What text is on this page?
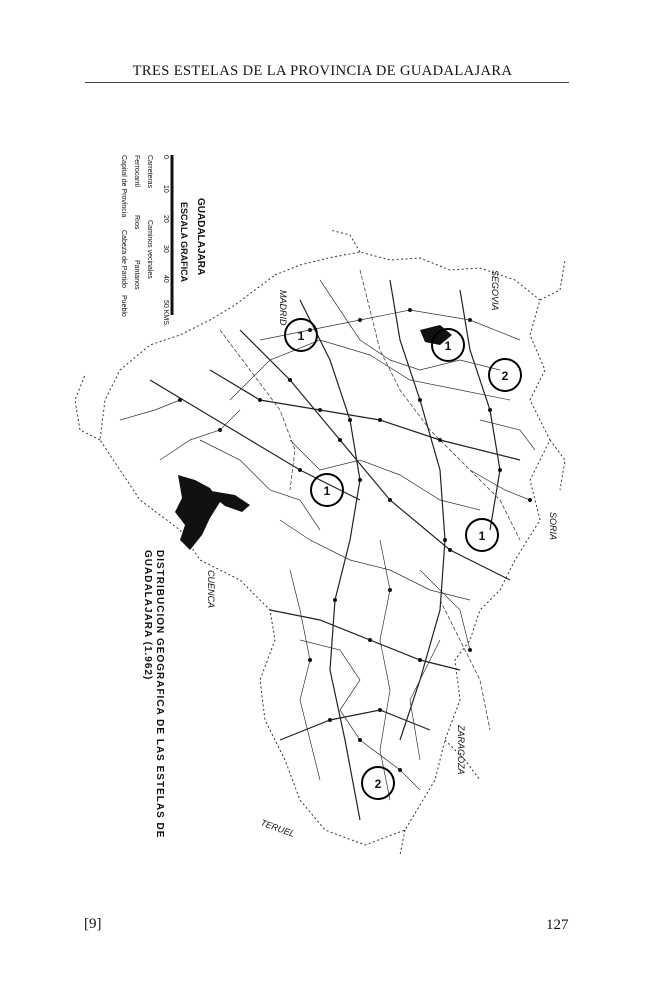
TRES ESTELAS DE LA PROVINCIA DE GUADALAJARA
1
1
2
1
1
2
MADRID	SEGOVIA
SORIA
CUENCA
ZARAGOZA
TERUEL
GUADALAJARA
ESCALA GRAFICA
0
10
20
30
40
50 KMS.
Carreteras
Caminos vecinales
Ferrocarril
Ríos
Pantanos
Capital de Provincia
Cabeza de Partido
Pueblo
DISTRIBUCION GEOGRAFICA DE LAS ESTELAS DE
GUADALAJARA (1.962)
[9]	127
